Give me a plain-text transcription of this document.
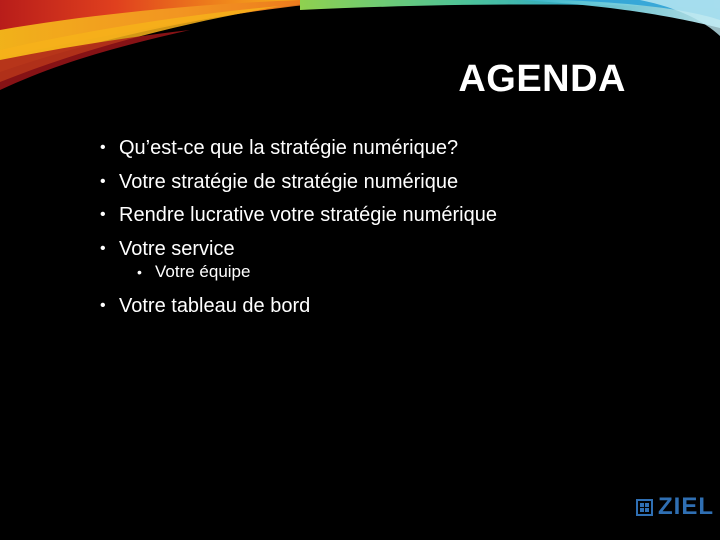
AGENDA
• Qu’est-ce que la stratégie numérique?
• Votre stratégie de stratégie numérique
• Rendre lucrative votre stratégie numérique
• Votre service
• Votre équipe
• Votre tableau de bord
ZIEL
